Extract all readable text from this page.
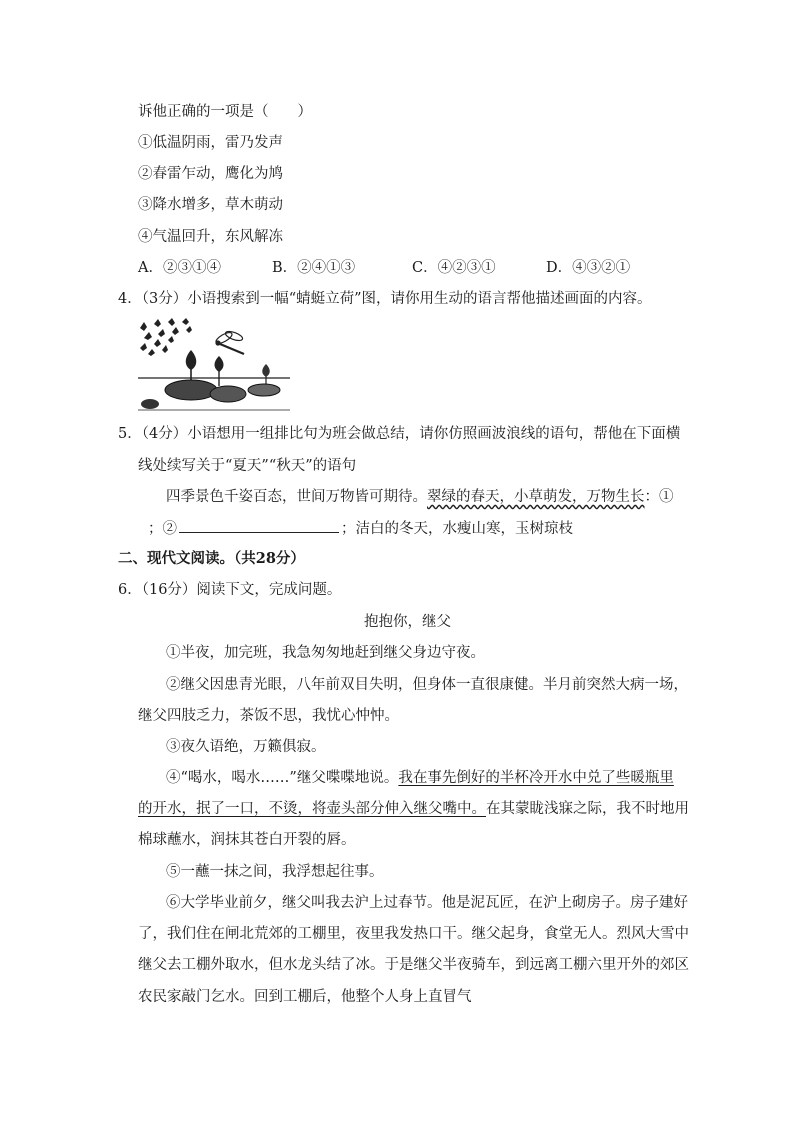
诉他正确的一项是（　　）
①低温阴雨，雷乃发声
②春雷乍动，鹰化为鸠
③降水增多，草木萌动
④气温回升，东风解冻
A．②③①④	B．②④①③	C．④②③①	D．④③②①
4．（3分）小语搜索到一幅“蜻蜓立荷”图，请你用生动的语言帮他描述画面的内容。
5．（4分）小语想用一组排比句为班会做总结，请你仿照画波浪线的语句，帮他在下面横
线处续写关于“夏天”“秋天”的语句
四季景色千姿百态，世间万物皆可期待。翠绿的春天，小草萌发，万物生长：①
；②	；洁白的冬天，水瘦山寒，玉树琼枝
二、现代文阅读。（共28分）
6．（16分）阅读下文，完成问题。
抱抱你，继父
①半夜，加完班，我急匆匆地赶到继父身边守夜。
②继父因患青光眼，八年前双目失明，但身体一直很康健。半月前突然大病一场，
继父四肢乏力，茶饭不思，我忧心忡忡。
③夜久语绝，万籁俱寂。
④“喝水，喝水……”继父喋喋地说。我在事先倒好的半杯冷开水中兑了些暖瓶里
的开水，抿了一口，不烫，将壶头部分伸入继父嘴中。在其蒙眬浅寐之际，我不时地用
棉球蘸水，润抹其苍白开裂的唇。
⑤一蘸一抹之间，我浮想起往事。
⑥大学毕业前夕，继父叫我去沪上过春节。他是泥瓦匠，在沪上砌房子。房子建好
了，我们住在闸北荒郊的工棚里，夜里我发热口干。继父起身，食堂无人。烈风大雪中
继父去工棚外取水，但水龙头结了冰。于是继父半夜骑车，到远离工棚六里开外的郊区
农民家敲门乞水。回到工棚后，他整个人身上直冒气
